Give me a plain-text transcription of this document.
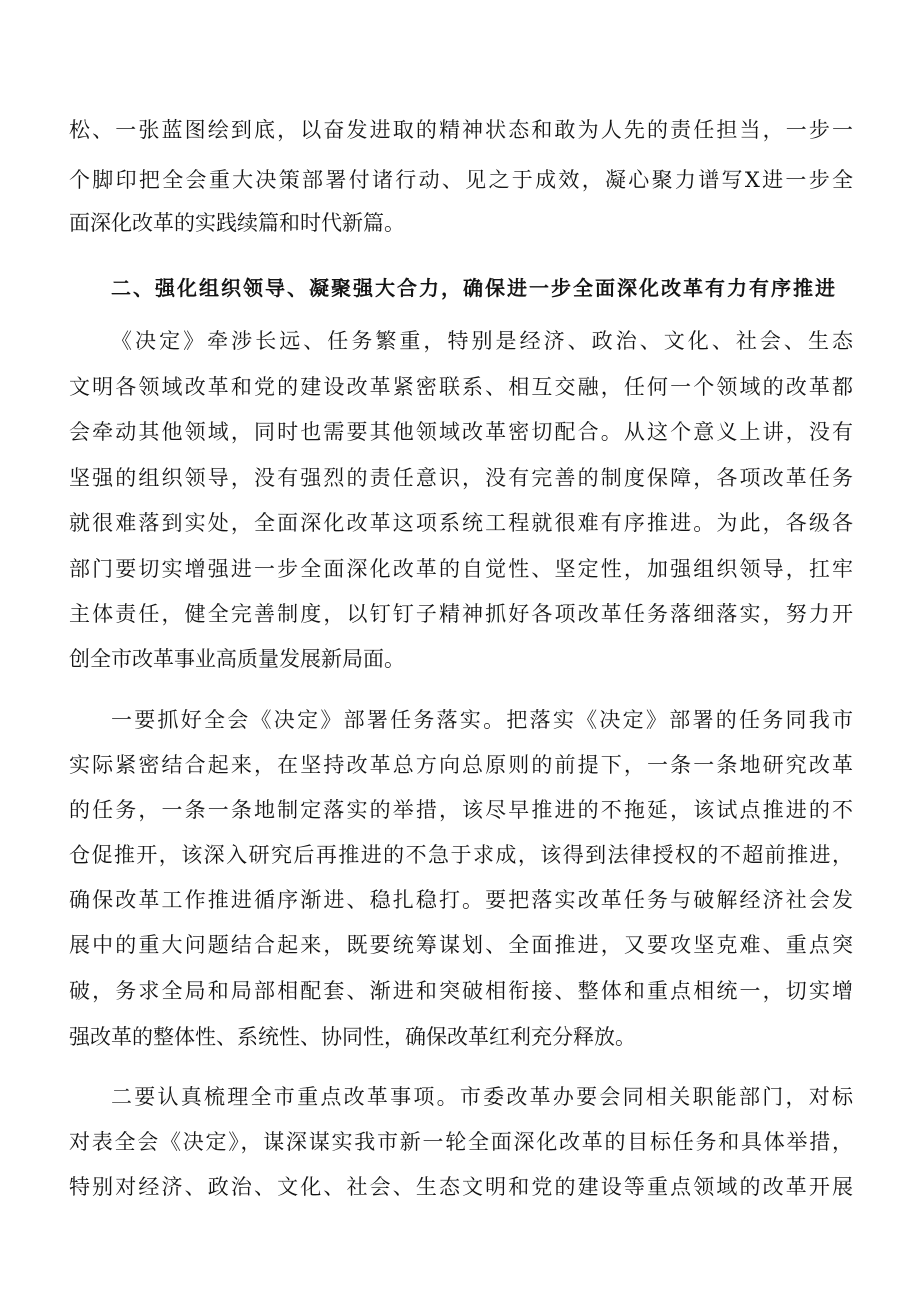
松、一张蓝图绘到底，以奋发进取的精神状态和敢为人先的责任担当，一步一

个脚印把全会重大决策部署付诸行动、见之于成效，凝心聚力谱写X进一步全

面深化改革的实践续篇和时代新篇。

二、强化组织领导、凝聚强大合力，确保进一步全面深化改革有力有序推进

《决定》牵涉长远、任务繁重，特别是经济、政治、文化、社会、生态

文明各领域改革和党的建设改革紧密联系、相互交融，任何一个领域的改革都

会牵动其他领域，同时也需要其他领域改革密切配合。从这个意义上讲，没有

坚强的组织领导，没有强烈的责任意识，没有完善的制度保障，各项改革任务

就很难落到实处，全面深化改革这项系统工程就很难有序推进。为此，各级各

部门要切实增强进一步全面深化改革的自觉性、坚定性，加强组织领导，扛牢

主体责任，健全完善制度，以钉钉子精神抓好各项改革任务落细落实，努力开

创全市改革事业高质量发展新局面。

一要抓好全会《决定》部署任务落实。把落实《决定》部署的任务同我市

实际紧密结合起来，在坚持改革总方向总原则的前提下，一条一条地研究改革

的任务，一条一条地制定落实的举措，该尽早推进的不拖延，该试点推进的不

仓促推开，该深入研究后再推进的不急于求成，该得到法律授权的不超前推进，

确保改革工作推进循序渐进、稳扎稳打。要把落实改革任务与破解经济社会发

展中的重大问题结合起来，既要统筹谋划、全面推进，又要攻坚克难、重点突

破，务求全局和局部相配套、渐进和突破相衔接、整体和重点相统一，切实增

强改革的整体性、系统性、协同性，确保改革红利充分释放。

二要认真梳理全市重点改革事项。市委改革办要会同相关职能部门，对标

对表全会《决定》，谋深谋实我市新一轮全面深化改革的目标任务和具体举措，

特别对经济、政治、文化、社会、生态文明和党的建设等重点领域的改革开展
